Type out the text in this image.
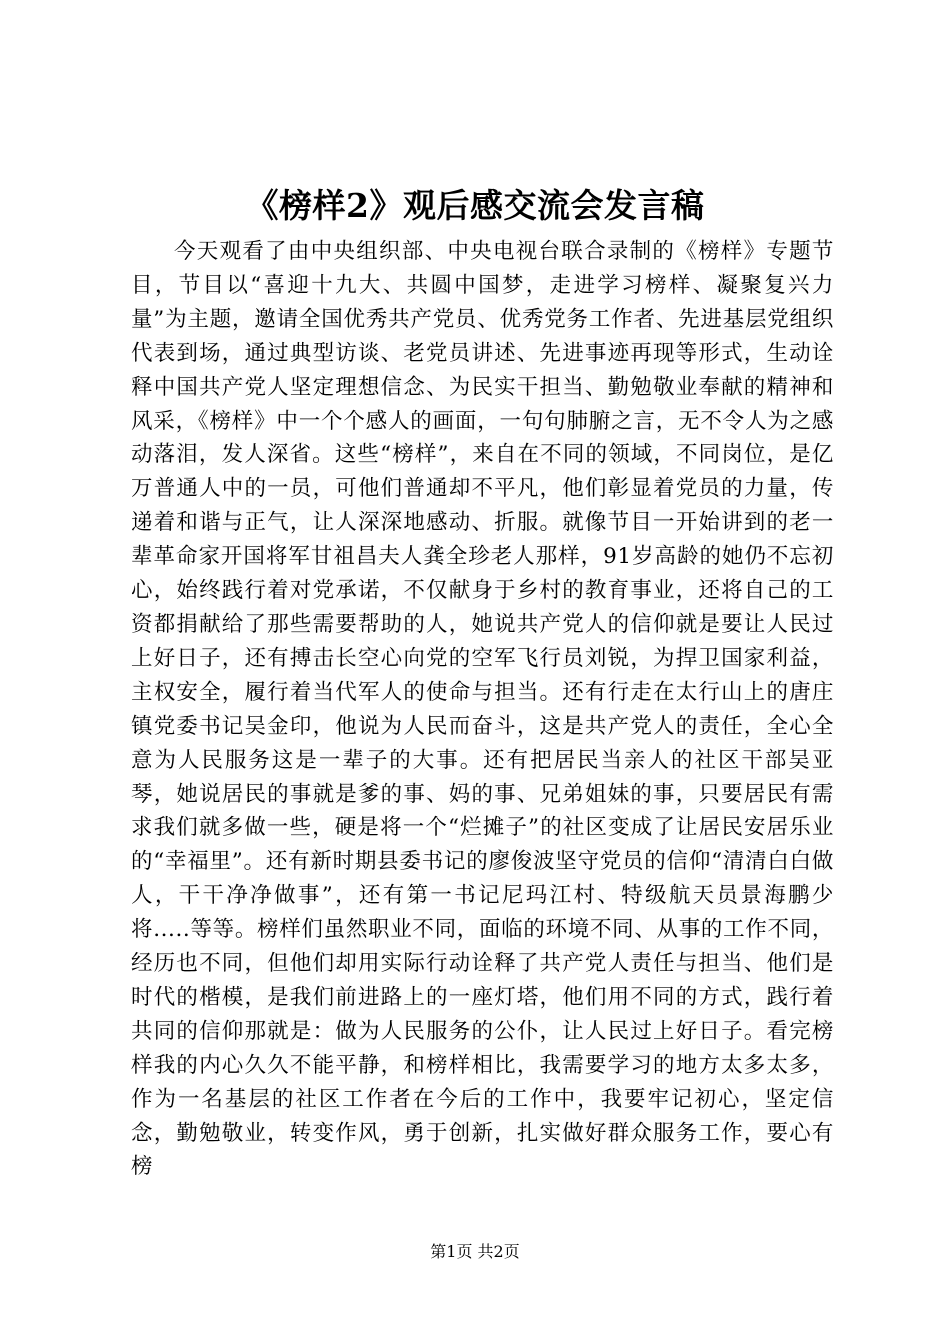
《榜样2》观后感交流会发言稿

今天观看了由中央组织部、中央电视台联合录制的《榜样》专题节目，节目以“喜迎十九大、共圆中国梦，走进学习榜样、凝聚复兴力量”为主题，邀请全国优秀共产党员、优秀党务工作者、先进基层党组织代表到场，通过典型访谈、老党员讲述、先进事迹再现等形式，生动诠释中国共产党人坚定理想信念、为民实干担当、勤勉敬业奉献的精神和风采，《榜样》中一个个感人的画面，一句句肺腑之言，无不令人为之感动落泪，发人深省。这些“榜样”，来自在不同的领域，不同岗位，是亿万普通人中的一员，可他们普通却不平凡，他们彰显着党员的力量，传递着和谐与正气，让人深深地感动、折服。就像节目一开始讲到的老一辈革命家开国将军甘祖昌夫人龚全珍老人那样，91岁高龄的她仍不忘初心，始终践行着对党承诺，不仅献身于乡村的教育事业，还将自己的工资都捐献给了那些需要帮助的人，她说共产党人的信仰就是要让人民过上好日子，还有搏击长空心向党的空军飞行员刘锐，为捍卫国家利益，主权安全，履行着当代军人的使命与担当。还有行走在太行山上的唐庄镇党委书记吴金印，他说为人民而奋斗，这是共产党人的责任，全心全意为人民服务这是一辈子的大事。还有把居民当亲人的社区干部吴亚琴，她说居民的事就是爹的事、妈的事、兄弟姐妹的事，只要居民有需求我们就多做一些，硬是将一个“烂摊子”的社区变成了让居民安居乐业的“幸福里”。还有新时期县委书记的廖俊波坚守党员的信仰“清清白白做人，干干净净做事”，还有第一书记尼玛江村、特级航天员景海鹏少将.....等等。榜样们虽然职业不同，面临的环境不同、从事的工作不同，经历也不同，但他们却用实际行动诠释了共产党人责任与担当、他们是时代的楷模，是我们前进路上的一座灯塔，他们用不同的方式，践行着共同的信仰那就是：做为人民服务的公仆，让人民过上好日子。看完榜样我的内心久久不能平静，和榜样相比，我需要学习的地方太多太多，作为一名基层的社区工作者在今后的工作中，我要牢记初心，坚定信念，勤勉敬业，转变作风，勇于创新，扎实做好群众服务工作，要心有榜

第1页 共2页
